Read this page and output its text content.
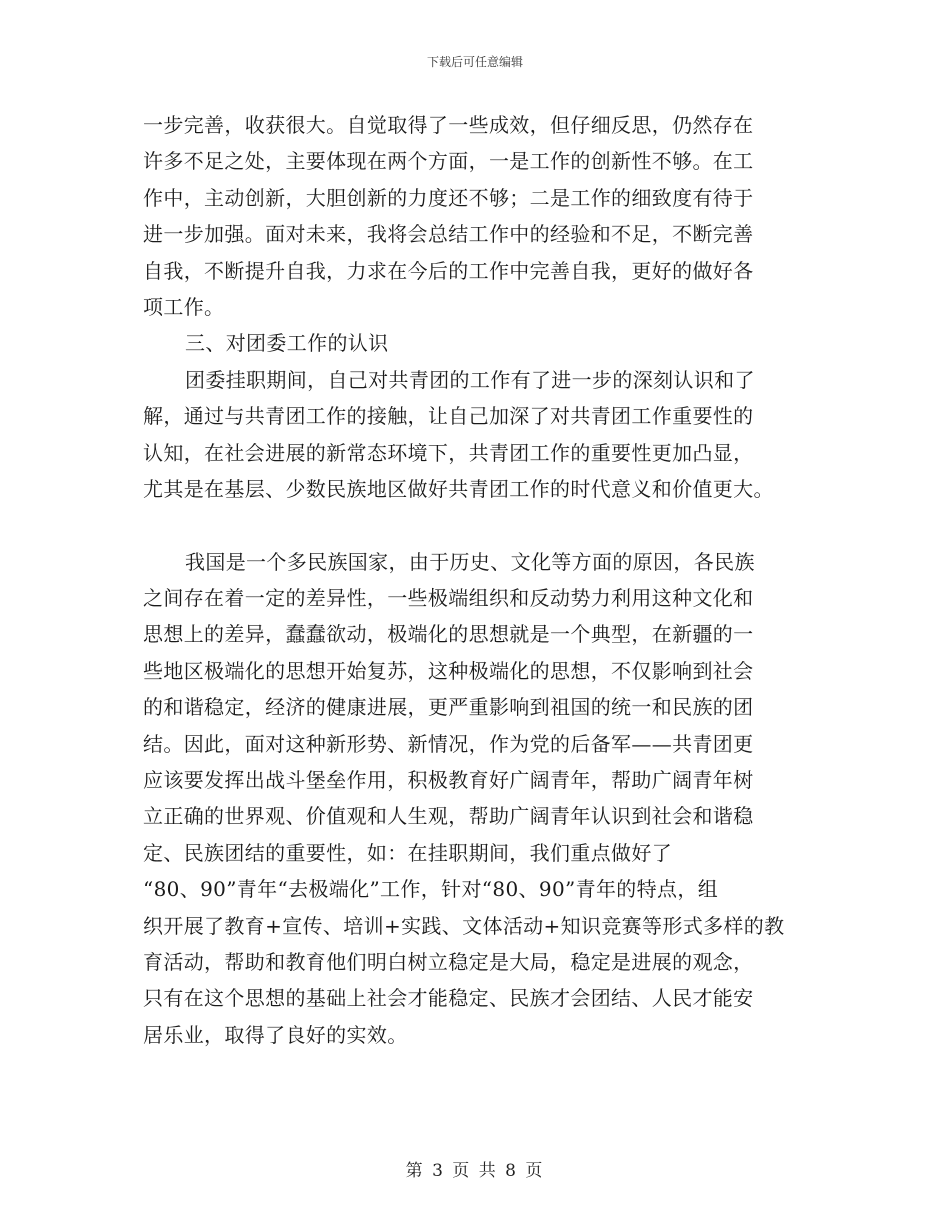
下载后可任意编辑
一步完善，收获很大。自觉取得了一些成效，但仔细反思，仍然存在
许多不足之处，主要体现在两个方面，一是工作的创新性不够。在工
作中，主动创新，大胆创新的力度还不够；二是工作的细致度有待于
进一步加强。面对未来，我将会总结工作中的经验和不足，不断完善
自我，不断提升自我，力求在今后的工作中完善自我，更好的做好各
项工作。
三、对团委工作的认识
团委挂职期间，自己对共青团的工作有了进一步的深刻认识和了
解，通过与共青团工作的接触，让自己加深了对共青团工作重要性的
认知，在社会进展的新常态环境下，共青团工作的重要性更加凸显，
尤其是在基层、少数民族地区做好共青团工作的时代意义和价值更大。
我国是一个多民族国家，由于历史、文化等方面的原因，各民族
之间存在着一定的差异性，一些极端组织和反动势力利用这种文化和
思想上的差异，蠢蠢欲动，极端化的思想就是一个典型，在新疆的一
些地区极端化的思想开始复苏，这种极端化的思想，不仅影响到社会
的和谐稳定，经济的健康进展，更严重影响到祖国的统一和民族的团
结。因此，面对这种新形势、新情况，作为党的后备军——共青团更
应该要发挥出战斗堡垒作用，积极教育好广阔青年，帮助广阔青年树
立正确的世界观、价值观和人生观，帮助广阔青年认识到社会和谐稳
定、民族团结的重要性，如：在挂职期间，我们重点做好了
“80、90”青年“去极端化”工作，针对“80、90”青年的特点，组
织开展了教育+宣传、培训+实践、文体活动+知识竞赛等形式多样的教
育活动，帮助和教育他们明白树立稳定是大局，稳定是进展的观念，
只有在这个思想的基础上社会才能稳定、民族才会团结、人民才能安
居乐业，取得了良好的实效。
第 3 页 共 8 页
